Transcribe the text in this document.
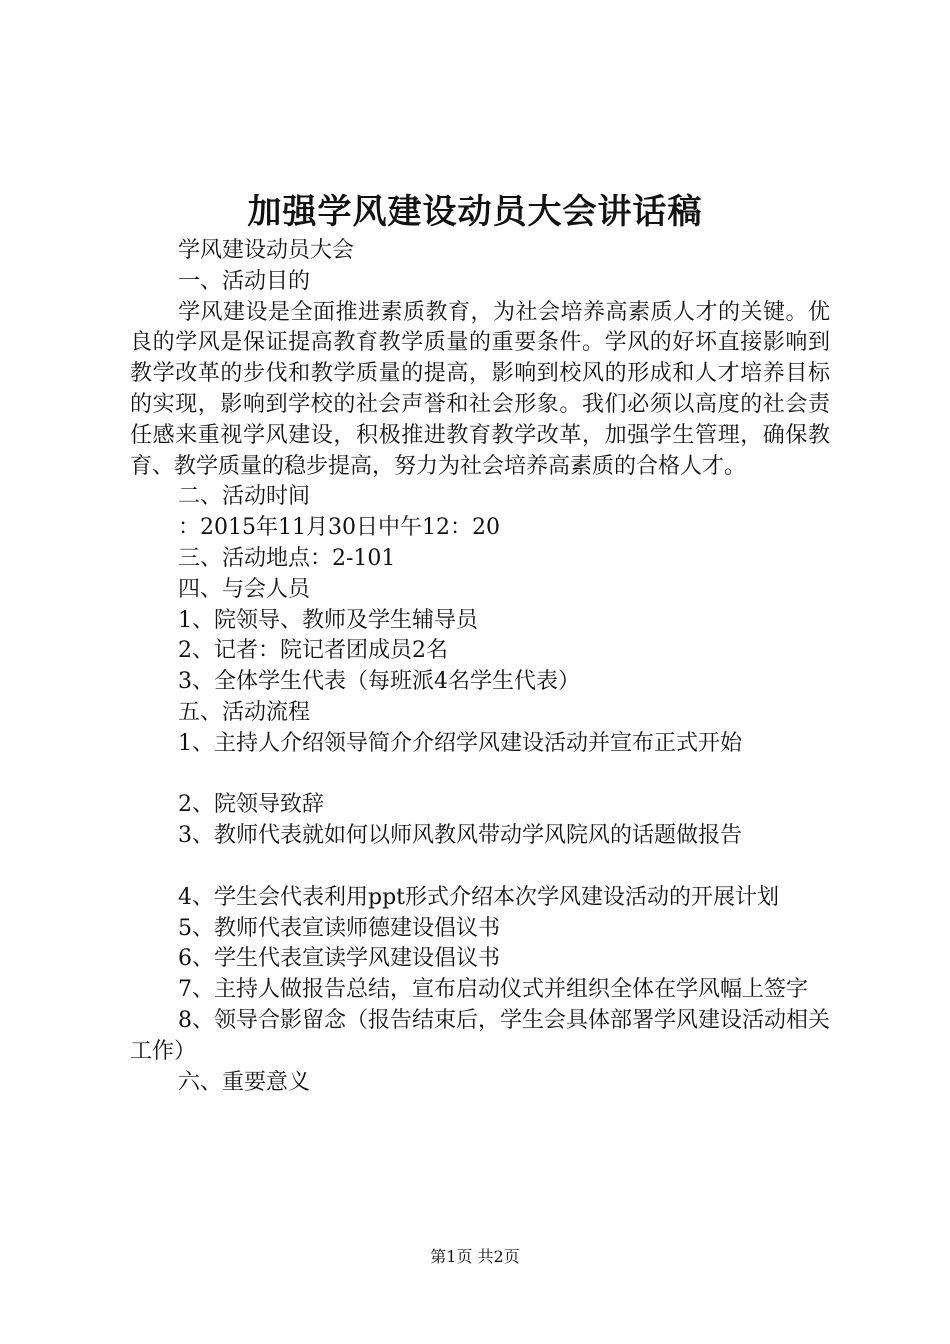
加强学风建设动员大会讲话稿

学风建设动员大会

一、活动目的

学风建设是全面推进素质教育，为社会培养高素质人才的关键。优良的学风是保证提高教育教学质量的重要条件。学风的好坏直接影响到教学改革的步伐和教学质量的提高，影响到校风的形成和人才培养目标的实现，影响到学校的社会声誉和社会形象。我们必须以高度的社会责任感来重视学风建设，积极推进教育教学改革，加强学生管理，确保教育、教学质量的稳步提高，努力为社会培养高素质的合格人才。

二、活动时间

：2015年11月30日中午12：20

三、活动地点：2-101

四、与会人员

1、院领导、教师及学生辅导员

2、记者：院记者团成员2名

3、全体学生代表（每班派4名学生代表）

五、活动流程

1、主持人介绍领导简介介绍学风建设活动并宣布正式开始

2、院领导致辞

3、教师代表就如何以师风教风带动学风院风的话题做报告

4、学生会代表利用ppt形式介绍本次学风建设活动的开展计划

5、教师代表宣读师德建设倡议书

6、学生代表宣读学风建设倡议书

7、主持人做报告总结，宣布启动仪式并组织全体在学风幅上签字

8、领导合影留念（报告结束后，学生会具体部署学风建设活动相关工作）

六、重要意义

第1页 共2页
